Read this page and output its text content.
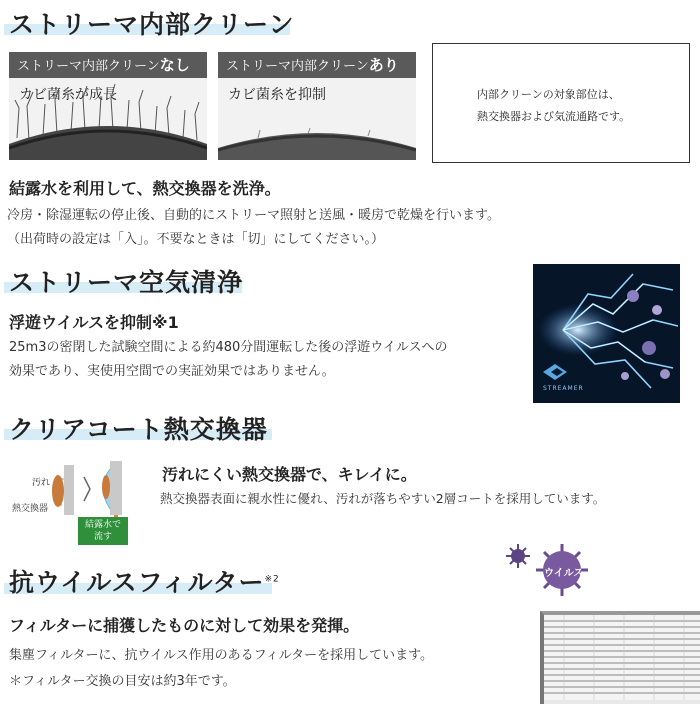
ストリーマ内部クリーン
ストリーマ内部クリーンなし
カビ菌糸が成長
ストリーマ内部クリーンあり
カビ菌糸を抑制	内部クリーンの対象部位は、
熱交換器および気流通路です。
結露水を利用して、熱交換器を洗浄。
冷房・除湿運転の停止後、自動的にストリーマ照射と送風・暖房で乾燥を行います。
（出荷時の設定は「入」。不要なときは「切」にしてください。）
ストリーマ空気清浄
浮遊ウイルスを抑制※1
25m3の密閉した試験空間による約480分間運転した後の浮遊ウイルスへの
効果であり、実使用空間での実証効果ではありません。
STREAMER
クリアコート熱交換器
汚れ
熱交換器
結露水で
流す
汚れにくい熱交換器で、キレイに。
熱交換器表面に親水性に優れ、汚れが落ちやすい2層コートを採用しています。
抗ウイルスフィルター$^{※2}$
ウイルス
フィルターに捕獲したものに対して効果を発揮。
集塵フィルターに、抗ウイルス作用のあるフィルターを採用しています。
＊フィルター交換の目安は約3年です。
